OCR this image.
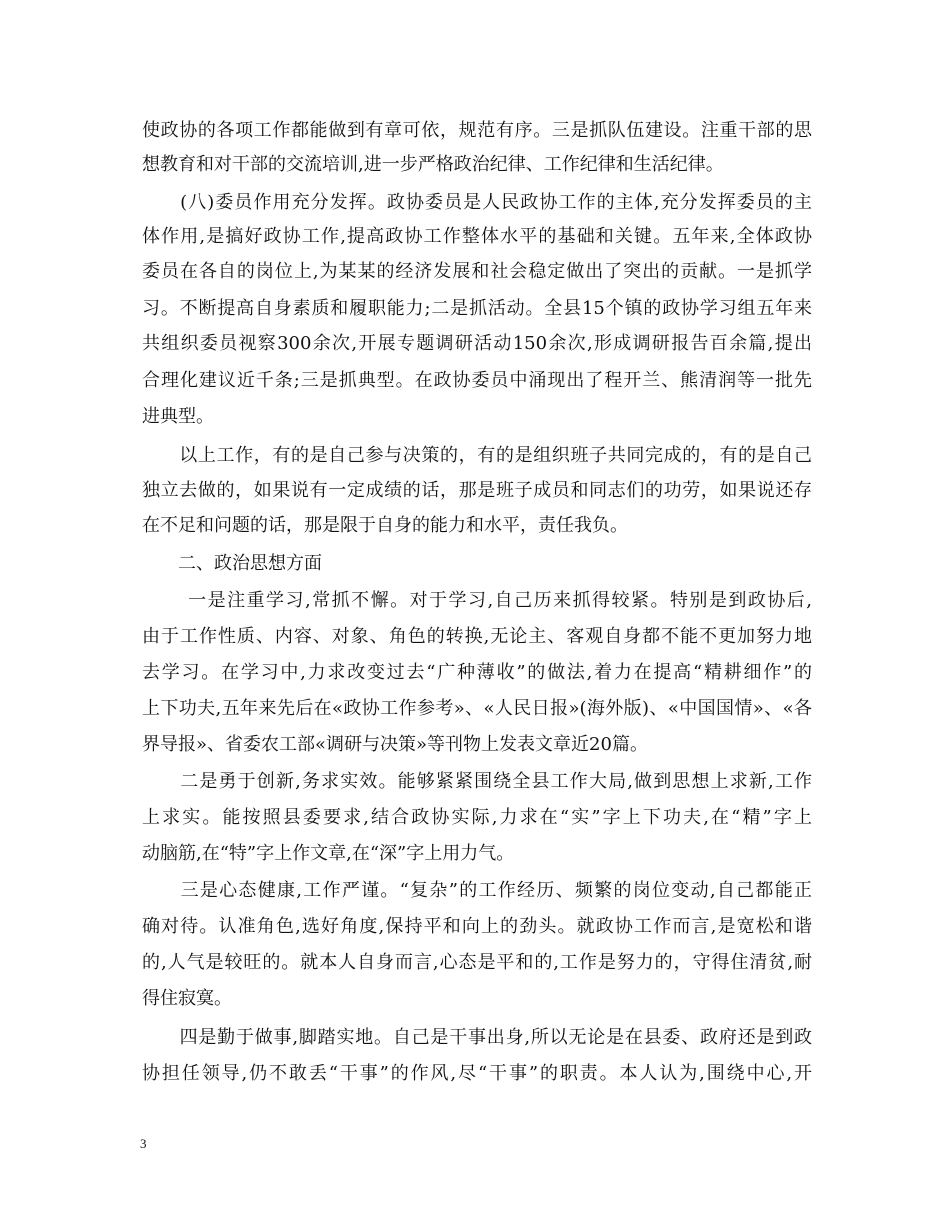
使政协的各项工作都能做到有章可依，规范有序。三是抓队伍建设。注重干部的思
想教育和对干部的交流培训,进一步严格政治纪律、工作纪律和生活纪律。
　　(八)委员作用充分发挥。政协委员是人民政协工作的主体,充分发挥委员的主
体作用,是搞好政协工作,提高政协工作整体水平的基础和关键。五年来,全体政协
委员在各自的岗位上,为某某的经济发展和社会稳定做出了突出的贡献。一是抓学
习。不断提高自身素质和履职能力;二是抓活动。全县15个镇的政协学习组五年来
共组织委员视察300余次,开展专题调研活动150余次,形成调研报告百余篇,提出
合理化建议近千条;三是抓典型。在政协委员中涌现出了程开兰、熊清润等一批先
进典型。
　　以上工作，有的是自己参与决策的，有的是组织班子共同完成的，有的是自己
独立去做的，如果说有一定成绩的话，那是班子成员和同志们的功劳，如果说还存
在不足和问题的话，那是限于自身的能力和水平，责任我负。
　　二、政治思想方面
　　 一是注重学习,常抓不懈。对于学习,自己历来抓得较紧。特别是到政协后,
由于工作性质、内容、对象、角色的转换,无论主、客观自身都不能不更加努力地
去学习。在学习中,力求改变过去“广种薄收”的做法,着力在提高“精耕细作”的
上下功夫,五年来先后在«政协工作参考»、«人民日报»(海外版)、«中国国情»、«各
界导报»、省委农工部«调研与决策»等刊物上发表文章近20篇。
　　二是勇于创新,务求实效。能够紧紧围绕全县工作大局,做到思想上求新,工作
上求实。能按照县委要求,结合政协实际,力求在“实”字上下功夫,在“精”字上
动脑筋,在“特”字上作文章,在“深”字上用力气。
　　三是心态健康,工作严谨。“复杂”的工作经历、频繁的岗位变动,自己都能正
确对待。认准角色,选好角度,保持平和向上的劲头。就政协工作而言,是宽松和谐
的,人气是较旺的。就本人自身而言,心态是平和的,工作是努力的，守得住清贫,耐
得住寂寞。
　　四是勤于做事,脚踏实地。自己是干事出身,所以无论是在县委、政府还是到政
协担任领导,仍不敢丢“干事”的作风,尽“干事”的职责。本人认为,围绕中心,开
3
